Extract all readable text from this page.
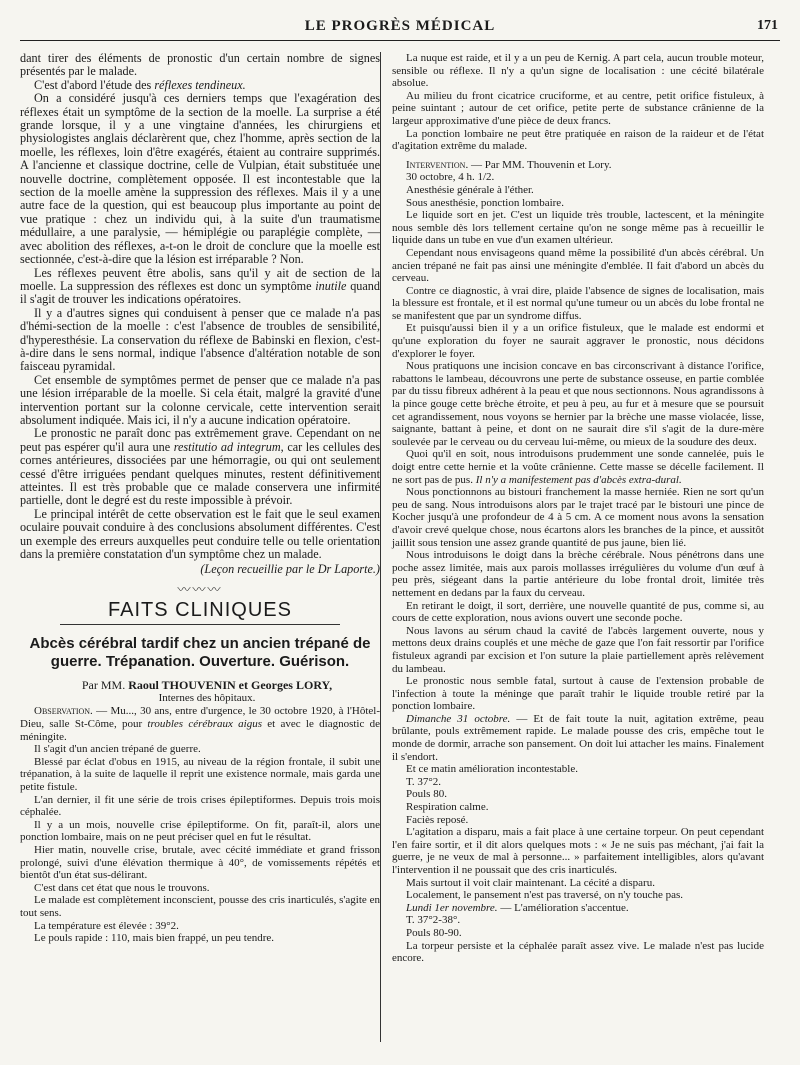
LE PROGRÈS MÉDICAL	171

dant tirer des éléments de pronostic d'un certain nombre de signes présentés par le malade.

C'est d'abord l'étude des réflexes tendineux.

On a considéré jusqu'à ces derniers temps que l'exagération des réflexes était un symptôme de la section de la moelle. La surprise a été grande lorsque, il y a une vingtaine d'années, les chirurgiens et physiologistes anglais déclarèrent que, chez l'homme, après section de la moelle, les réflexes, loin d'être exagérés, étaient au contraire supprimés. A l'ancienne et classique doctrine, celle de Vulpian, était substituée une nouvelle doctrine, complètement opposée. Il est incontestable que la section de la moelle amène la suppression des réflexes. Mais il y a une autre face de la question, qui est beaucoup plus importante au point de vue pratique : chez un individu qui, à la suite d'un traumatisme médullaire, a une paralysie, — hémiplégie ou paraplégie complète, — avec abolition des réflexes, a-t-on le droit de conclure que la moelle est sectionnée, c'est-à-dire que la lésion est irréparable ? Non.

Les réflexes peuvent être abolis, sans qu'il y ait de section de la moelle. La suppression des réflexes est donc un symptôme inutile quand il s'agit de trouver les indications opératoires.

Il y a d'autres signes qui conduisent à penser que ce malade n'a pas d'hémi-section de la moelle : c'est l'absence de troubles de sensibilité, d'hyperesthésie. La conservation du réflexe de Babinski en flexion, c'est-à-dire dans le sens normal, indique l'absence d'altération notable de son faisceau pyramidal.

Cet ensemble de symptômes permet de penser que ce malade n'a pas une lésion irréparable de la moelle. Si cela était, malgré la gravité d'une intervention portant sur la colonne cervicale, cette intervention serait absolument indiquée. Mais ici, il n'y a aucune indication opératoire.

Le pronostic ne paraît donc pas extrêmement grave. Cependant on ne peut pas espérer qu'il aura une restitutio ad integrum, car les cellules des cornes antérieures, dissociées par une hémorragie, ou qui ont seulement cessé d'être irriguées pendant quelques minutes, restent définitivement atteintes. Il est très probable que ce malade conservera une infirmité partielle, dont le degré est du reste impossible à prévoir.

Le principal intérêt de cette observation est le fait que le seul examen oculaire pouvait conduire à des conclusions absolument différentes. C'est un exemple des erreurs auxquelles peut conduire telle ou telle orientation dans la première constatation d'un symptôme chez un malade.

(Leçon recueillie par le Dr Laporte.)
〰〰〰
FAITS CLINIQUES
Abcès cérébral tardif chez un ancien trépané de guerre. Trépanation. Ouverture. Guérison.

Par MM. Raoul THOUVENIN et Georges LORY,

Internes des hôpitaux.

Observation. — Mu..., 30 ans, entre d'urgence, le 30 octobre 1920, à l'Hôtel-Dieu, salle St-Côme, pour troubles cérébraux aigus et avec le diagnostic de méningite.

Il s'agit d'un ancien trépané de guerre.

Blessé par éclat d'obus en 1915, au niveau de la région frontale, il subit une trépanation, à la suite de laquelle il reprit une existence normale, mais garda une petite fistule.

L'an dernier, il fit une série de trois crises épileptiformes. Depuis trois mois céphalée.

Il y a un mois, nouvelle crise épileptiforme. On fit, paraît-il, alors une ponction lombaire, mais on ne peut préciser quel en fut le résultat.

Hier matin, nouvelle crise, brutale, avec cécité immédiate et grand frisson prolongé, suivi d'une élévation thermique à 40°, de vomissements répétés et bientôt d'un état sus-délirant.

C'est dans cet état que nous le trouvons.

Le malade est complètement inconscient, pousse des cris inarticulés, s'agite en tout sens.

La température est élevée : 39°2.

Le pouls rapide : 110, mais bien frappé, un peu tendre.

La nuque est raide, et il y a un peu de Kernig. A part cela, aucun trouble moteur, sensible ou réflexe. Il n'y a qu'un signe de localisation : une cécité bilatérale absolue.

Au milieu du front cicatrice cruciforme, et au centre, petit orifice fistuleux, à peine suintant ; autour de cet orifice, petite perte de substance crânienne de la largeur approximative d'une pièce de deux francs.

La ponction lombaire ne peut être pratiquée en raison de la raideur et de l'état d'agitation extrême du malade.

Intervention. — Par MM. Thouvenin et Lory.

30 octobre, 4 h. 1/2.

Anesthésie générale à l'éther.

Sous anesthésie, ponction lombaire.

Le liquide sort en jet. C'est un liquide très trouble, lactescent, et la méningite nous semble dès lors tellement certaine qu'on ne songe même pas à recueillir le liquide dans un tube en vue d'un examen ultérieur.

Cependant nous envisageons quand même la possibilité d'un abcès cérébral. Un ancien trépané ne fait pas ainsi une méningite d'emblée. Il fait d'abord un abcès du cerveau.

Contre ce diagnostic, à vrai dire, plaide l'absence de signes de localisation, mais la blessure est frontale, et il est normal qu'une tumeur ou un abcès du lobe frontal ne se manifestent que par un syndrome diffus.

Et puisqu'aussi bien il y a un orifice fistuleux, que le malade est endormi et qu'une exploration du foyer ne saurait aggraver le pronostic, nous décidons d'explorer le foyer.

Nous pratiquons une incision concave en bas circonscrivant à distance l'orifice, rabattons le lambeau, découvrons une perte de substance osseuse, en partie comblée par du tissu fibreux adhérent à la peau et que nous sectionnons. Nous agrandissons à la pince gouge cette brèche étroite, et peu à peu, au fur et à mesure que se poursuit cet agrandissement, nous voyons se hernier par la brèche une masse violacée, lisse, saignante, battant à peine, et dont on ne saurait dire s'il s'agit de la dure-mère soulevée par le cerveau ou du cerveau lui-même, ou mieux de la soudure des deux.

Quoi qu'il en soit, nous introduisons prudemment une sonde cannelée, puis le doigt entre cette hernie et la voûte crânienne. Cette masse se décelle facilement. Il ne sort pas de pus. Il n'y a manifestement pas d'abcès extra-dural.

Nous ponctionnons au bistouri franchement la masse herniée. Rien ne sort qu'un peu de sang. Nous introduisons alors par le trajet tracé par le bistouri une pince de Kocher jusqu'à une profondeur de 4 à 5 cm. A ce moment nous avons la sensation d'avoir crevé quelque chose, nous écartons alors les branches de la pince, et aussitôt jaillit sous tension une assez grande quantité de pus jaune, bien lié.

Nous introduisons le doigt dans la brèche cérébrale. Nous pénétrons dans une poche assez limitée, mais aux parois mollasses irrégulières du volume d'un œuf à peu près, siégeant dans la partie antérieure du lobe frontal droit, limitée très nettement en dedans par la faux du cerveau.

En retirant le doigt, il sort, derrière, une nouvelle quantité de pus, comme si, au cours de cette exploration, nous avions ouvert une seconde poche.

Nous lavons au sérum chaud la cavité de l'abcès largement ouverte, nous y mettons deux drains couplés et une mèche de gaze que l'on fait ressortir par l'orifice fistuleux agrandi par excision et l'on suture la plaie partiellement après relèvement du lambeau.

Le pronostic nous semble fatal, surtout à cause de l'extension probable de l'infection à toute la méninge que paraît trahir le liquide trouble retiré par la ponction lombaire.

Dimanche 31 octobre. — Et de fait toute la nuit, agitation extrême, peau brûlante, pouls extrêmement rapide. Le malade pousse des cris, empêche tout le monde de dormir, arrache son pansement. On doit lui attacher les mains. Finalement il s'endort.

Et ce matin amélioration incontestable.

T. 37°2.

Pouls 80.

Respiration calme.

Faciès reposé.

L'agitation a disparu, mais a fait place à une certaine torpeur. On peut cependant l'en faire sortir, et il dit alors quelques mots : « Je ne suis pas méchant, j'ai fait la guerre, je ne veux de mal à personne... » parfaitement intelligibles, alors qu'avant l'intervention il ne poussait que des cris inarticulés.

Mais surtout il voit clair maintenant. La cécité a disparu.

Localement, le pansement n'est pas traversé, on n'y touche pas.

Lundi 1er novembre. — L'amélioration s'accentue.

T. 37°2-38°.

Pouls 80-90.

La torpeur persiste et la céphalée paraît assez vive. Le malade n'est pas lucide encore.
